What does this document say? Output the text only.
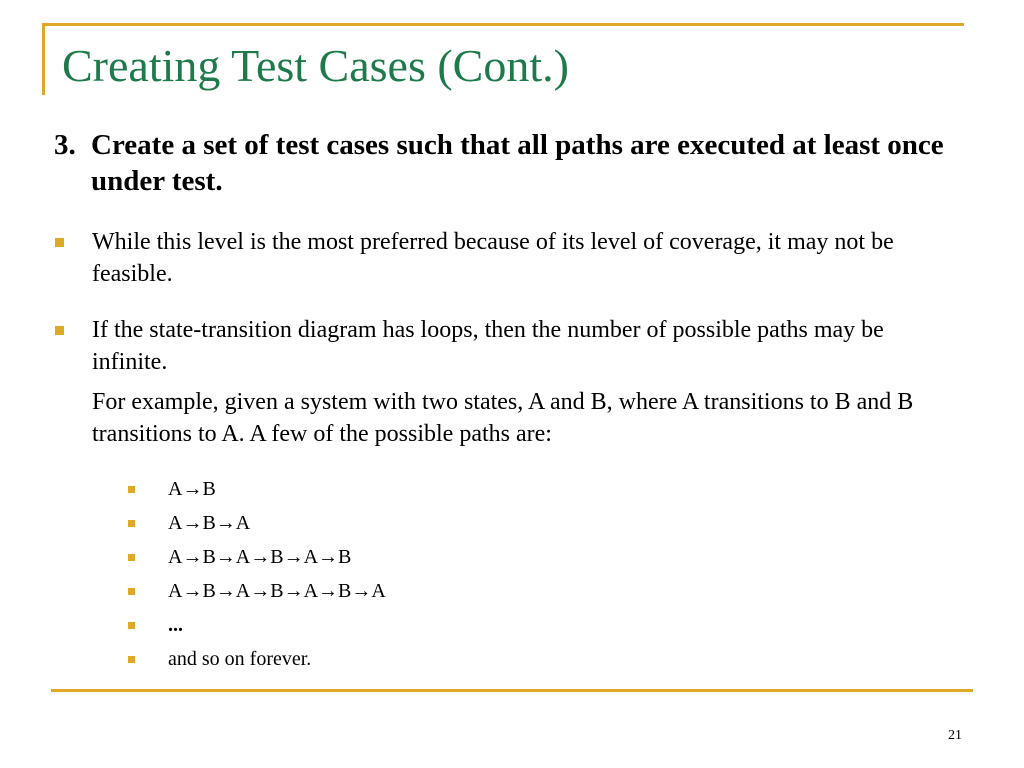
Creating Test Cases (Cont.)
3. Create a set of test cases such that all paths are executed at least once under test.
While this level is the most preferred because of its level of coverage, it may not be feasible.
If the state-transition diagram has loops, then the number of possible paths may be infinite.
For example, given a system with two states, A and B, where A transitions to B and B transitions to A. A few of the possible paths are:
A→B
A→B→A
A→B→A→B→A→B
A→B→A→B→A→B→A
...
and so on forever.
21
